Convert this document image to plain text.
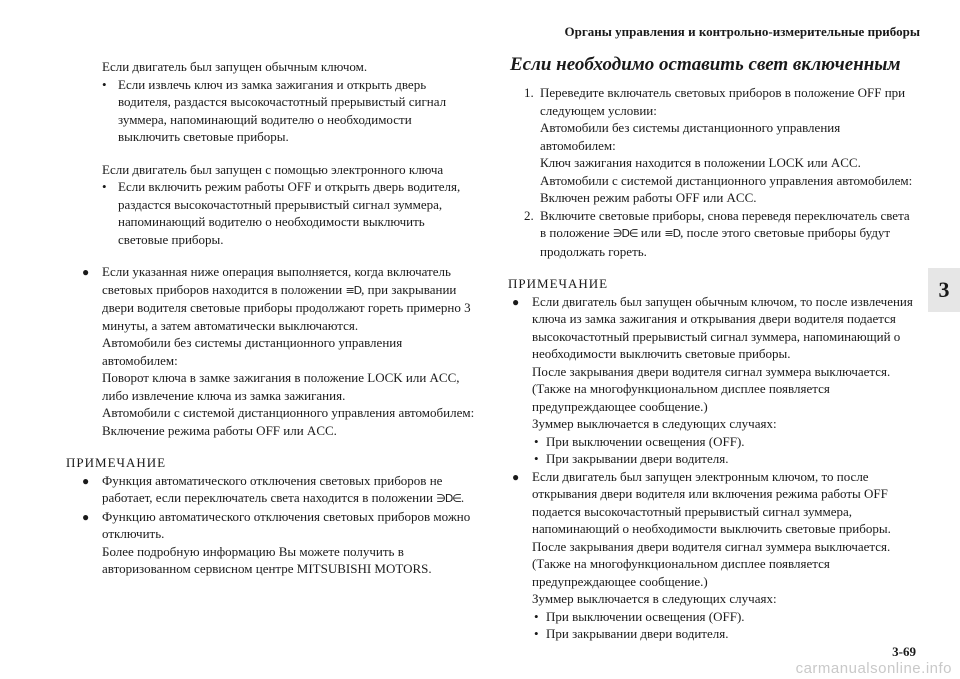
Органы управления и контрольно-измерительные приборы

Если двигатель был запущен обычным ключом.

• Если извлечь ключ из замка зажигания и открыть дверь водителя, раздастся высокочастотный прерывистый сигнал зуммера, напоминающий водителю о необходимости выключить световые приборы.

Если двигатель был запущен с помощью электронного ключа

• Если включить режим работы OFF и открыть дверь водителя, раздастся высокочастотный прерывистый сигнал зуммера, напоминающий водителю о необходимости выключить световые приборы.

● Если указанная ниже операция выполняется, когда включатель световых приборов находится в положении ≡D, при закрывании двери водителя световые приборы продолжают гореть примерно 3 минуты, а затем автоматически выключаются.

Автомобили без системы дистанционного управления автомобилем:

Поворот ключа в замке зажигания в положение LOCK или ACC, либо извлечение ключа из замка зажигания.

Автомобили с системой дистанционного управления автомобилем:

Включение режима работы OFF или ACC.

ПРИМЕЧАНИЕ

● Функция автоматического отключения световых приборов не работает, если переключатель света находится в положении ∋D∈.

● Функцию автоматического отключения световых приборов можно отключить.

Более подробную информацию Вы можете получить в авторизованном сервисном центре MITSUBISHI MOTORS.

Если необходимо оставить свет включенным

1. Переведите включатель световых приборов в положение OFF при следующем условии:

Автомобили без системы дистанционного управления автомобилем:

Ключ зажигания находится в положении LOCK или ACC.

Автомобили с системой дистанционного управления автомобилем:

Включен режим работы OFF или ACC.

2. Включите световые приборы, снова переведя переключатель света в положение ∋D∈ или ≡D, после этого световые приборы будут продолжать гореть.

ПРИМЕЧАНИЕ

● Если двигатель был запущен обычным ключом, то после извлечения ключа из замка зажигания и открывания двери водителя подается высокочастотный прерывистый сигнал зуммера, напоминающий о необходимости выключить световые приборы.

После закрывания двери водителя сигнал зуммера выключается. (Также на многофункциональном дисплее появляется предупреждающее сообщение.)

Зуммер выключается в следующих случаях:

• При выключении освещения (OFF).

• При закрывании двери водителя.

● Если двигатель был запущен электронным ключом, то после открывания двери водителя или включения режима работы OFF подается высокочастотный прерывистый сигнал зуммера, напоминающий о необходимости выключить световые приборы.

После закрывания двери водителя сигнал зуммера выключается. (Также на многофункциональном дисплее появляется предупреждающее сообщение.)

Зуммер выключается в следующих случаях:

• При выключении освещения (OFF).

• При закрывании двери водителя.

3
3-69
carmanualsonline.info
